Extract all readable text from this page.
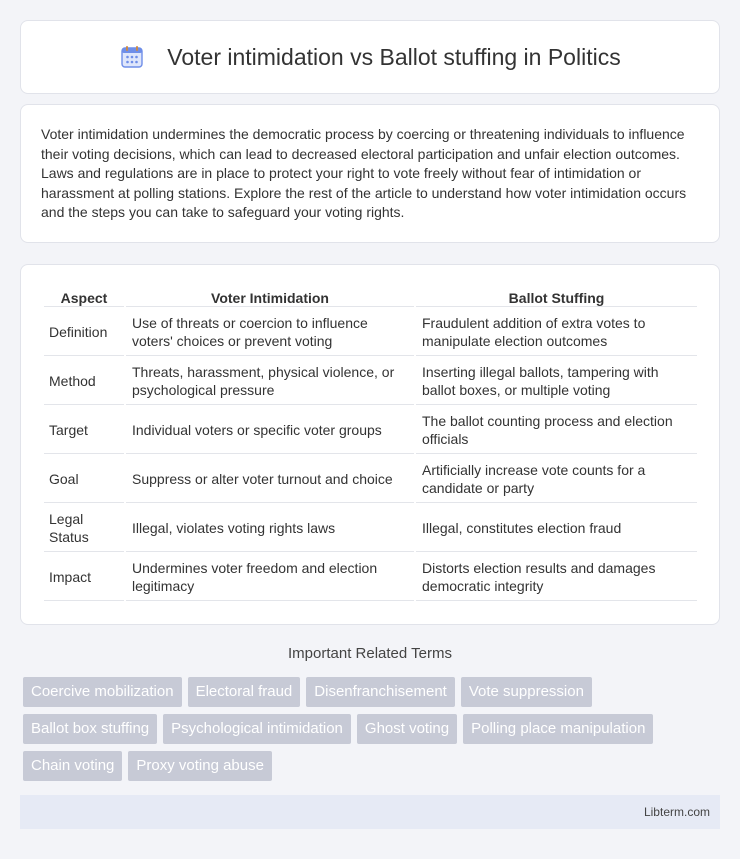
Voter intimidation vs Ballot stuffing in Politics

Voter intimidation undermines the democratic process by coercing or threatening individuals to influence their voting decisions, which can lead to decreased electoral participation and unfair election outcomes. Laws and regulations are in place to protect your right to vote freely without fear of intimidation or harassment at polling stations. Explore the rest of the article to understand how voter intimidation occurs and the steps you can take to safeguard your voting rights.

Aspect	Voter Intimidation	Ballot Stuffing
Definition	Use of threats or coercion to influence voters' choices or prevent voting	Fraudulent addition of extra votes to manipulate election outcomes
Method	Threats, harassment, physical violence, or psychological pressure	Inserting illegal ballots, tampering with ballot boxes, or multiple voting
Target	Individual voters or specific voter groups	The ballot counting process and election officials
Goal	Suppress or alter voter turnout and choice	Artificially increase vote counts for a candidate or party
Legal Status	Illegal, violates voting rights laws	Illegal, constitutes election fraud
Impact	Undermines voter freedom and election legitimacy	Distorts election results and damages democratic integrity
Important Related Terms
Coercive mobilization	Electoral fraud	Disenfranchisement	Vote suppression
Ballot box stuffing	Psychological intimidation	Ghost voting	Polling place manipulation
Chain voting	Proxy voting abuse
Libterm.com
